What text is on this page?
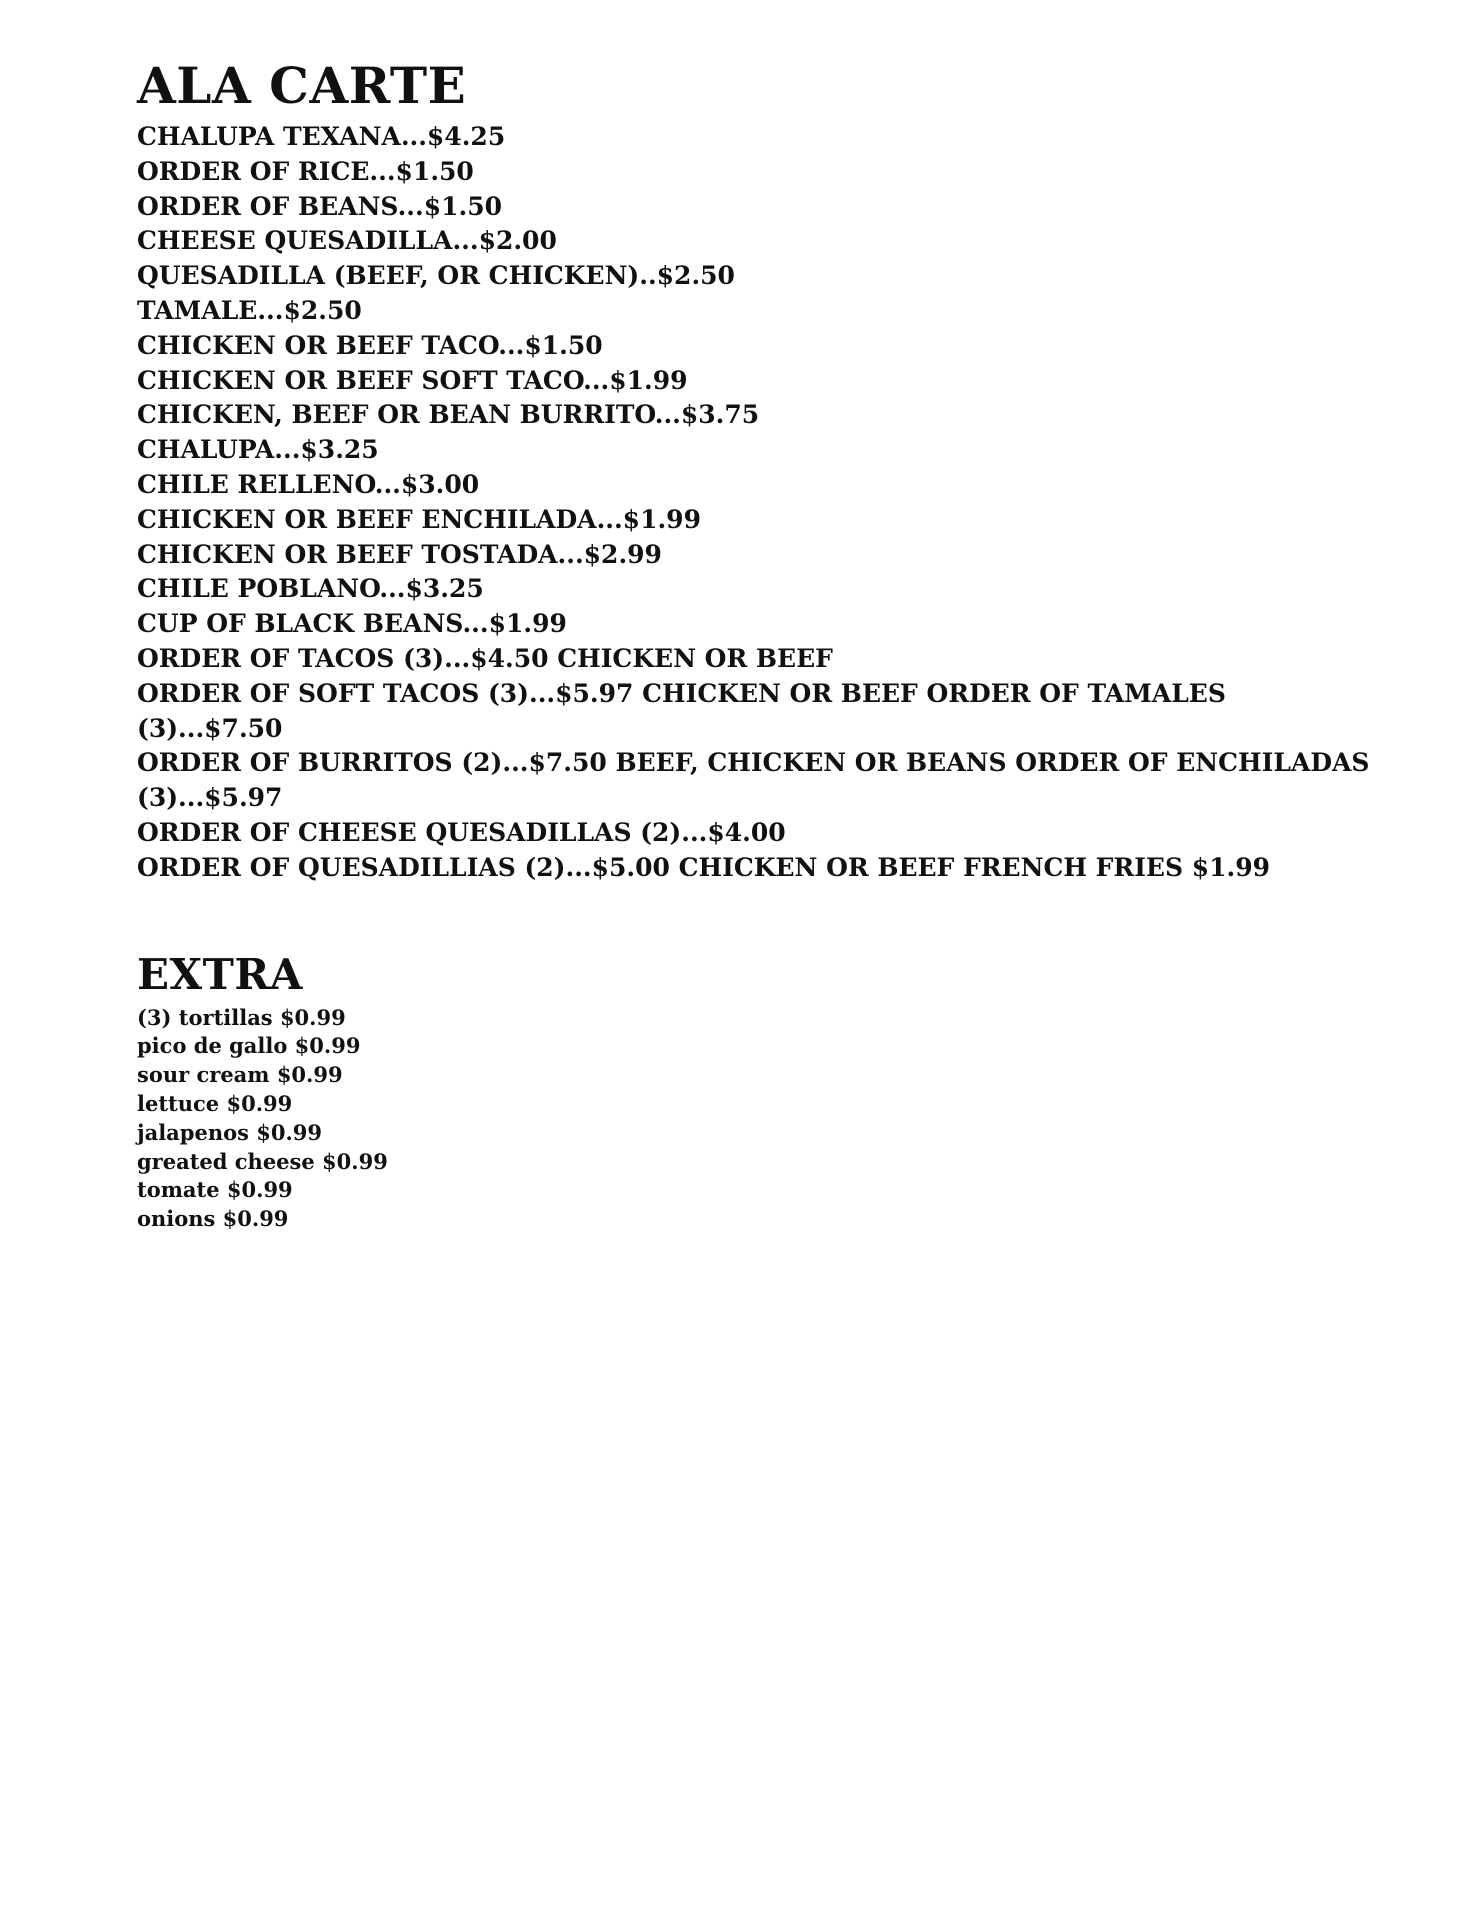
ALA CARTE
CHALUPA TEXANA...$4.25
ORDER OF RICE...$1.50
ORDER OF BEANS...$1.50
CHEESE QUESADILLA...$2.00
QUESADILLA (BEEF, OR CHICKEN)..$2.50
TAMALE...$2.50
CHICKEN OR BEEF TACO...$1.50
CHICKEN OR BEEF SOFT TACO...$1.99
CHICKEN, BEEF OR BEAN BURRITO...$3.75
CHALUPA...$3.25
CHILE RELLENO...$3.00
CHICKEN OR BEEF ENCHILADA...$1.99
CHICKEN OR BEEF TOSTADA...$2.99
CHILE POBLANO...$3.25
CUP OF BLACK BEANS...$1.99
ORDER OF TACOS (3)...$4.50 CHICKEN OR BEEF
ORDER OF SOFT TACOS (3)...$5.97 CHICKEN OR BEEF ORDER OF TAMALES (3)...$7.50
ORDER OF BURRITOS (2)...$7.50 BEEF, CHICKEN OR BEANS ORDER OF ENCHILADAS
(3)...$5.97
ORDER OF CHEESE QUESADILLAS (2)...$4.00
ORDER OF QUESADILLIAS (2)...$5.00 CHICKEN OR BEEF FRENCH FRIES $1.99
EXTRA
(3) tortillas $0.99
pico de gallo $0.99
sour cream $0.99
lettuce $0.99
jalapenos $0.99
greated cheese $0.99
tomate $0.99
onions $0.99
